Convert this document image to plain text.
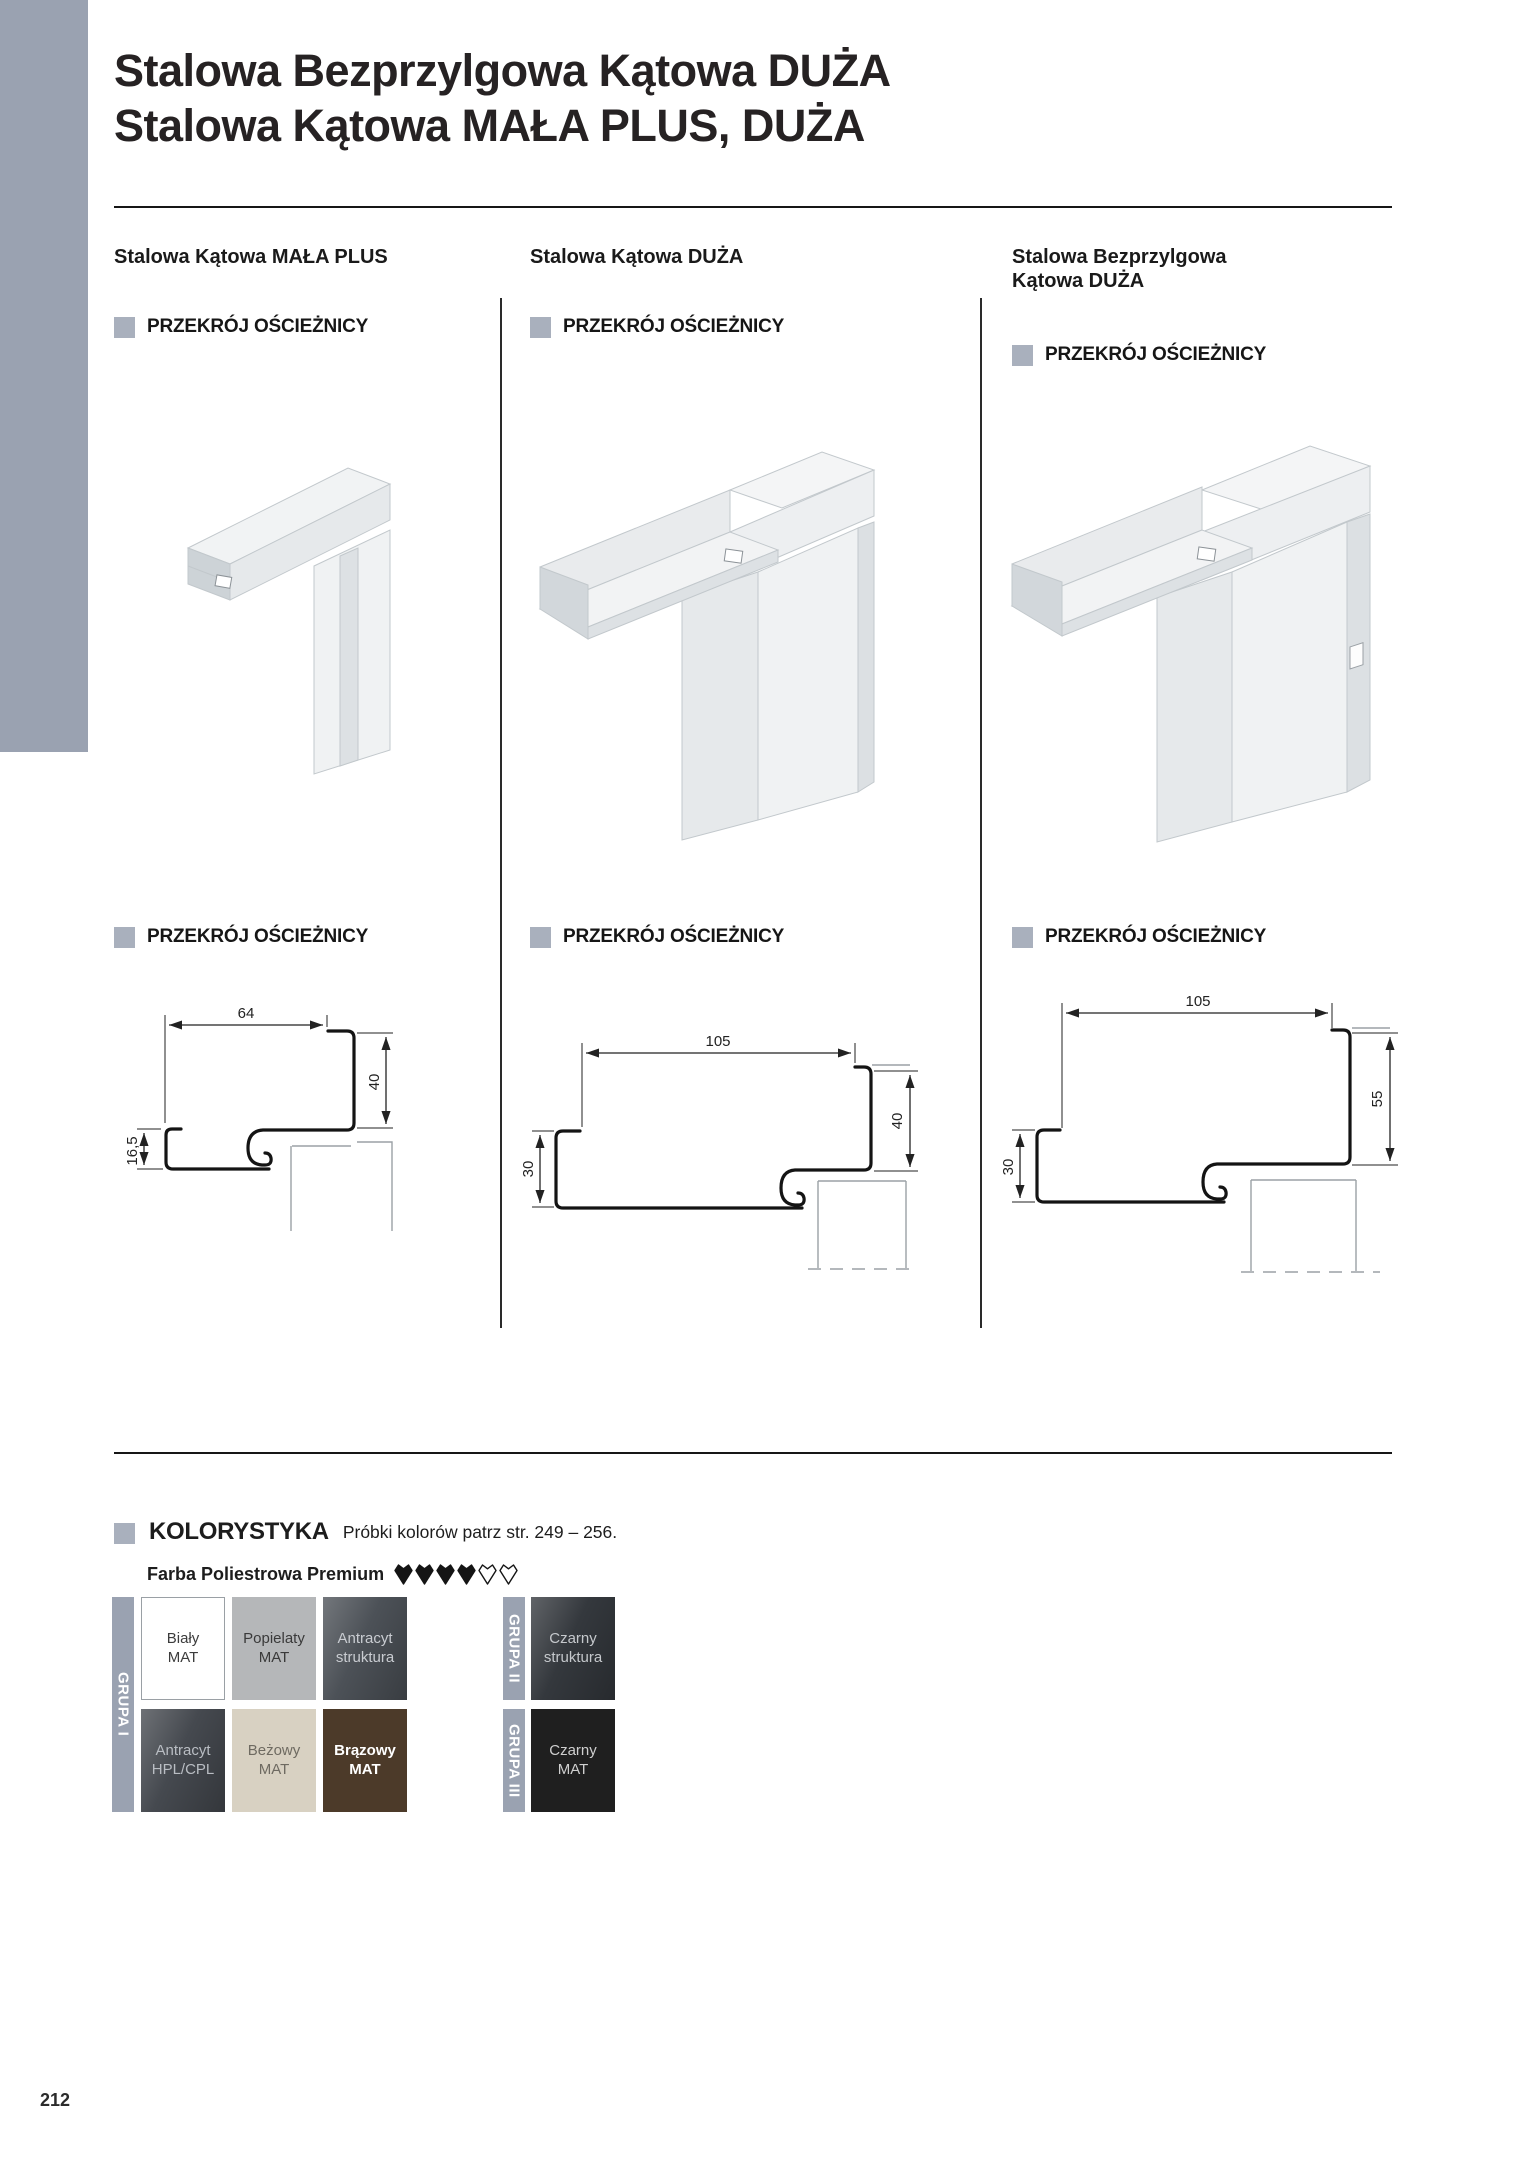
14 KĄTOWA
Stalowa Bezprzylgowa Kątowa DUŻA
Stalowa Kątowa MAŁA PLUS, DUŻA
Stalowa Kątowa MAŁA PLUS	Stalowa Kątowa DUŻA	Stalowa Bezprzylgowa
Kątowa DUŻA
PRZEKRÓJ OŚCIEŻNICY	PRZEKRÓJ OŚCIEŻNICY
PRZEKRÓJ OŚCIEŻNICY
PRZEKRÓJ OŚCIEŻNICY	PRZEKRÓJ OŚCIEŻNICY	PRZEKRÓJ OŚCIEŻNICY
64
40
16,5
105
40
30
105
55
30
KOLORYSTYKA Próbki kolorów patrz str. 249 – 256.
Farba Poliestrowa Premium
GRUPA I
GRUPA II
GRUPA III
212
Biały
MAT
Popielaty
MAT
Antracyt
struktura
Antracyt
HPL/CPL
Beżowy
MAT
Brązowy
MAT
Czarny
struktura
Czarny
MAT
